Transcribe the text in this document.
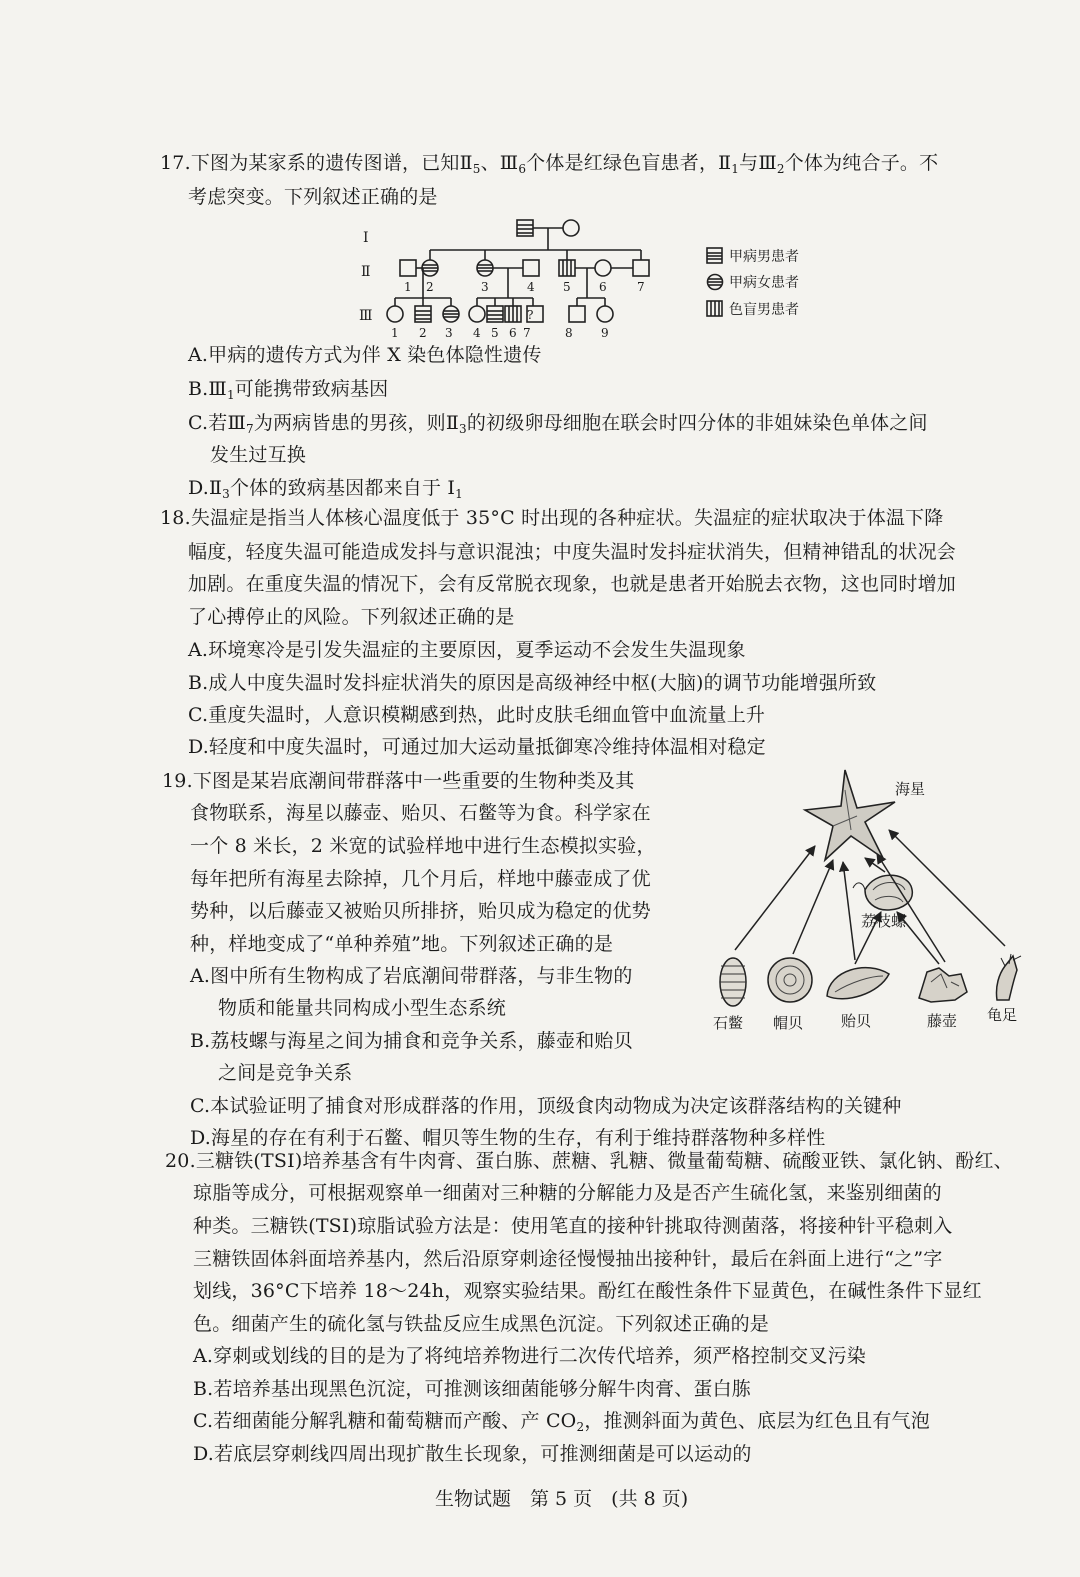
17.下图为某家系的遗传图谱，已知$Ⅱ_5$、$Ⅲ_6$个体是红绿色盲患者，$Ⅱ_1$与$Ⅲ_2$个体为纯合子。不
考虑突变。下列叙述正确的是
I
Ⅱ
Ⅲ	?
1 2	3	4 5 6	7
1 2 3 4 5 6 7	8 9
甲病男患者
甲病女患者
色盲男患者
A.甲病的遗传方式为伴 X 染色体隐性遗传
$B.Ⅲ_1$可能携带致病基因
C.若$Ⅲ_7$为两病皆患的男孩，则$Ⅱ_3$的初级卵母细胞在联会时四分体的非姐妹染色单体之间
发生过互换
$D.Ⅱ_3$个体的致病基因都来自于 $I_1$
18.失温症是指当人体核心温度低于 35°C 时出现的各种症状。失温症的症状取决于体温下降
幅度，轻度失温可能造成发抖与意识混浊；中度失温时发抖症状消失，但精神错乱的状况会
加剧。在重度失温的情况下，会有反常脱衣现象，也就是患者开始脱去衣物，这也同时增加
了心搏停止的风险。下列叙述正确的是
A.环境寒冷是引发失温症的主要原因，夏季运动不会发生失温现象
B.成人中度失温时发抖症状消失的原因是高级神经中枢(大脑)的调节功能增强所致
C.重度失温时，人意识模糊感到热，此时皮肤毛细血管中血流量上升
D.轻度和中度失温时，可通过加大运动量抵御寒冷维持体温相对稳定
19.下图是某岩底潮间带群落中一些重要的生物种类及其
食物联系，海星以藤壶、贻贝、石鳖等为食。科学家在
一个 8 米长，2 米宽的试验样地中进行生态模拟实验，
每年把所有海星去除掉，几个月后，样地中藤壶成了优
势种，以后藤壶又被贻贝所排挤，贻贝成为稳定的优势
种，样地变成了“单种养殖”地。下列叙述正确的是
A.图中所有生物构成了岩底潮间带群落，与非生物的
物质和能量共同构成小型生态系统
B.荔枝螺与海星之间为捕食和竞争关系，藤壶和贻贝
之间是竞争关系
C.本试验证明了捕食对形成群落的作用，顶级食肉动物成为决定该群落结构的关键种
D.海星的存在有利于石鳖、帽贝等生物的生存，有利于维持群落物种多样性
海星
荔枝螺
石鳖 帽贝	贻贝	藤壶 龟足
20.三糖铁(TSI)培养基含有牛肉膏、蛋白胨、蔗糖、乳糖、微量葡萄糖、硫酸亚铁、氯化钠、酚红、
琼脂等成分，可根据观察单一细菌对三种糖的分解能力及是否产生硫化氢，来鉴别细菌的
种类。三糖铁(TSI)琼脂试验方法是：使用笔直的接种针挑取待测菌落，将接种针平稳刺入
三糖铁固体斜面培养基内，然后沿原穿刺途径慢慢抽出接种针，最后在斜面上进行“之”字
划线，36°C下培养 18～24h，观察实验结果。酚红在酸性条件下显黄色，在碱性条件下显红
色。细菌产生的硫化氢与铁盐反应生成黑色沉淀。下列叙述正确的是
A.穿刺或划线的目的是为了将纯培养物进行二次传代培养，须严格控制交叉污染
B.若培养基出现黑色沉淀，可推测该细菌能够分解牛肉膏、蛋白胨
C.若细菌能分解乳糖和葡萄糖而产酸、产 $CO_2$，推测斜面为黄色、底层为红色且有气泡
D.若底层穿刺线四周出现扩散生长现象，可推测细菌是可以运动的
生物试题　第 5 页　(共 8 页)
